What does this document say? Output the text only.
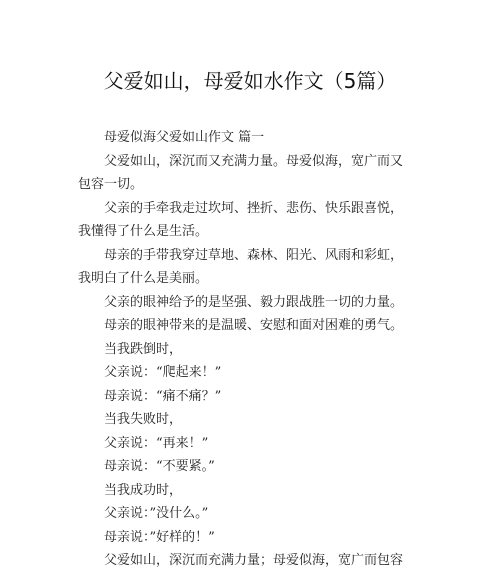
父爱如山，母爱如水作文（5篇）
母爱似海父爱如山作文 篇一
父爱如山，深沉而又充满力量。母爱似海，宽广而又
包容一切。
父亲的手牵我走过坎坷、挫折、悲伤、快乐跟喜悦，
我懂得了什么是生活。
母亲的手带我穿过草地、森林、阳光、风雨和彩虹，
我明白了什么是美丽。
父亲的眼神给予的是坚强、毅力跟战胜一切的力量。
母亲的眼神带来的是温暖、安慰和面对困难的勇气。
当我跌倒时，
父亲说：“爬起来！”
母亲说：“痛不痛？”
当我失败时，
父亲说：“再来！”
母亲说：“不要紧。”
当我成功时，
父亲说：”没什么。”
母亲说：”好样的！”
父爱如山，深沉而充满力量；母爱似海，宽广而包容
